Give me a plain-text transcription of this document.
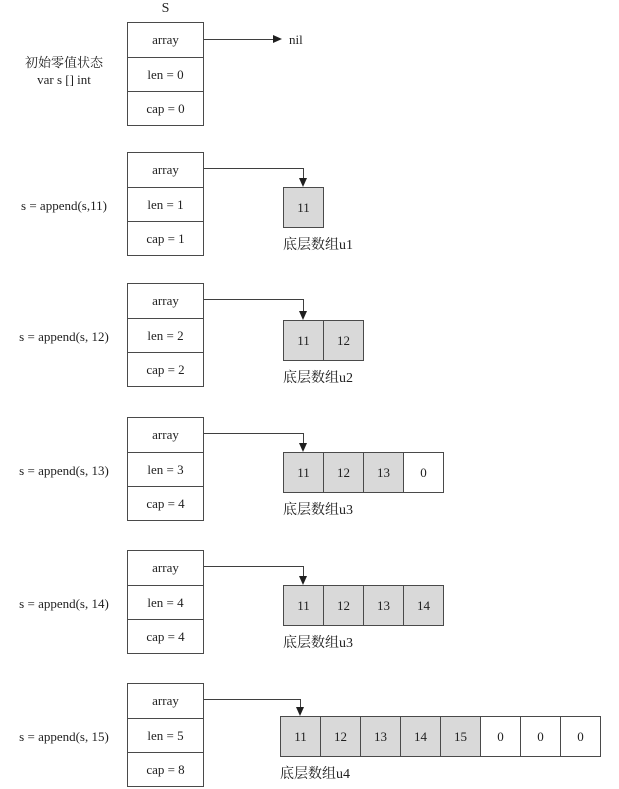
S
初始零值状态
var s [] int
array
len = 0
cap = 0
nil
s = append(s,11)
array
len = 1
cap = 1
11
底层数组u1
s = append(s, 12)
array
len = 2
cap = 2
11	12
底层数组u2
s = append(s, 13)
array
len = 3
cap = 4
11	12	13	0
底层数组u3
s = append(s, 14)
array
len = 4
cap = 4
11	12	13	14
底层数组u3
s = append(s, 15)
array
len = 5
cap = 8
11	12	13	14	15	0	0	0
底层数组u4
